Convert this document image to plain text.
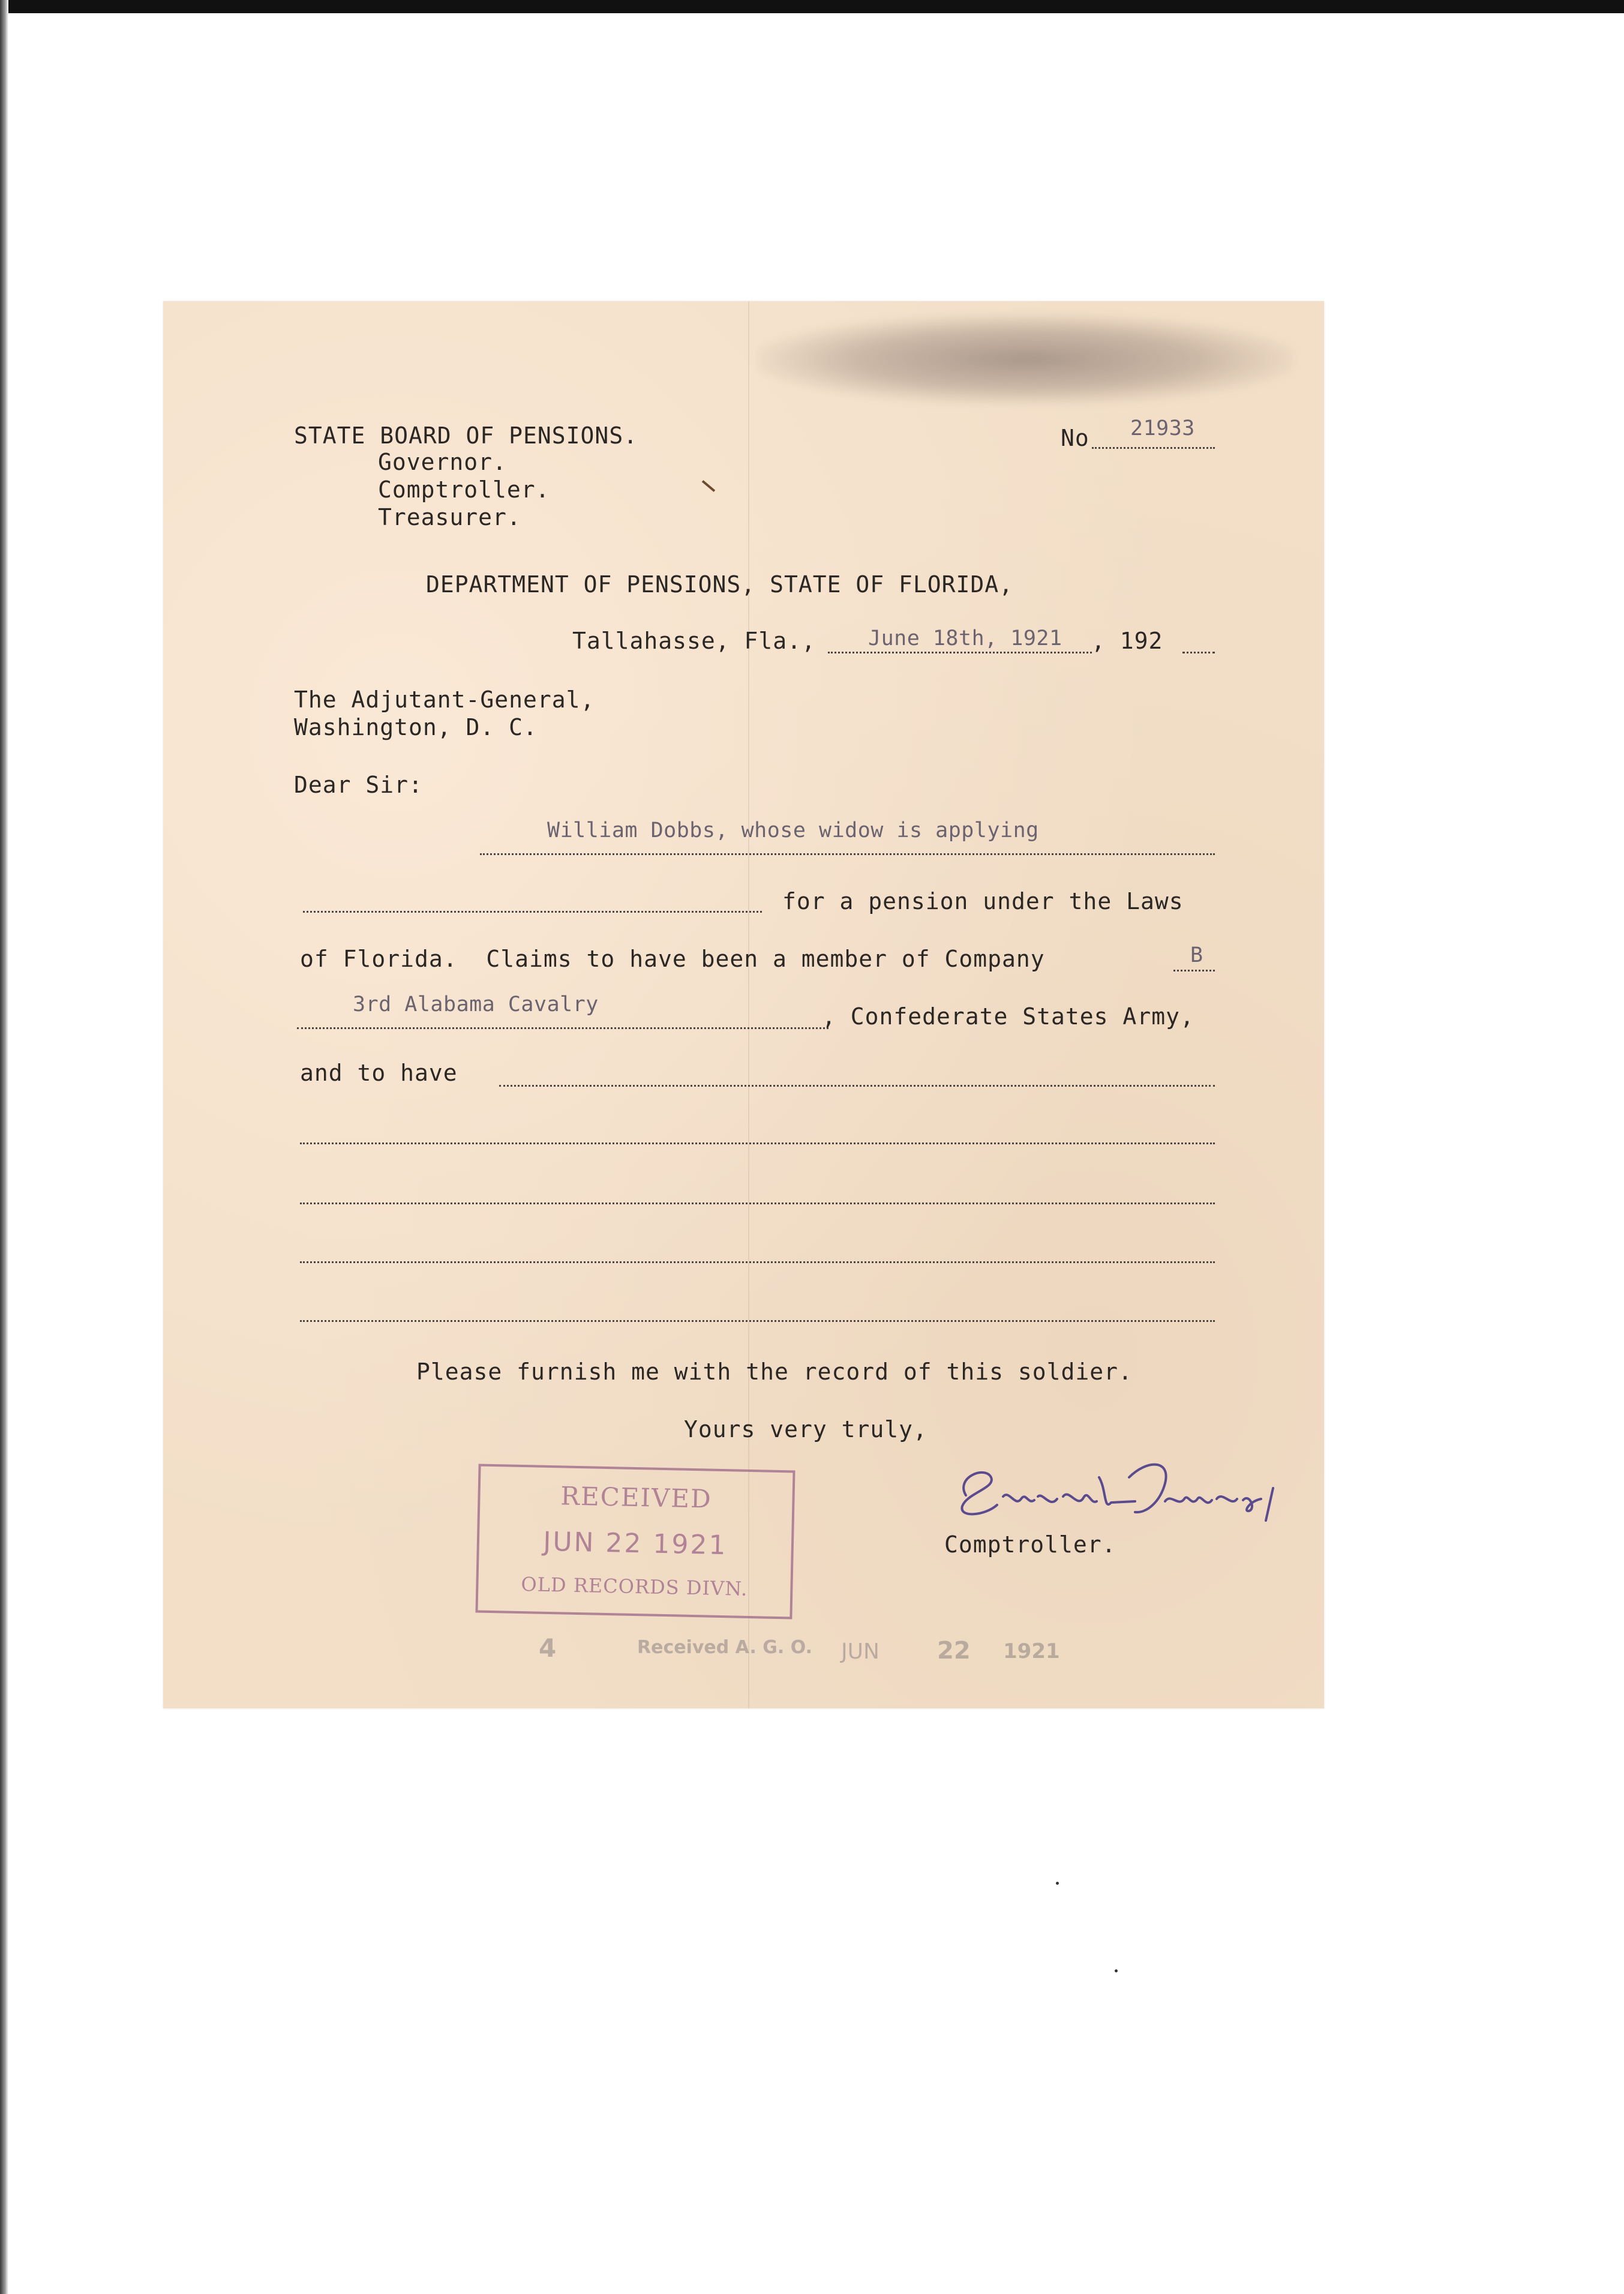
STATE BOARD OF PENSIONS.
Governor.
Comptroller.
Treasurer.
No 21933
DEPARTMENT OF PENSIONS, STATE OF FLORIDA,
Tallahasse, Fla., June 18th, 1921 , 192
The Adjutant-General,
Washington, D. C.
Dear Sir:
William Dobbs, whose widow is applying
for a pension under the Laws
of Florida.  Claims to have been a member of Company	B
3rd Alabama Cavalry	, Confederate States Army,
and to have
Please furnish me with the record of this soldier.
Yours very truly,
Comptroller.
RECEIVED
JUN 22 1921
OLD RECORDS DIVN.
4	Received A. G. O. JUN 22 1921
